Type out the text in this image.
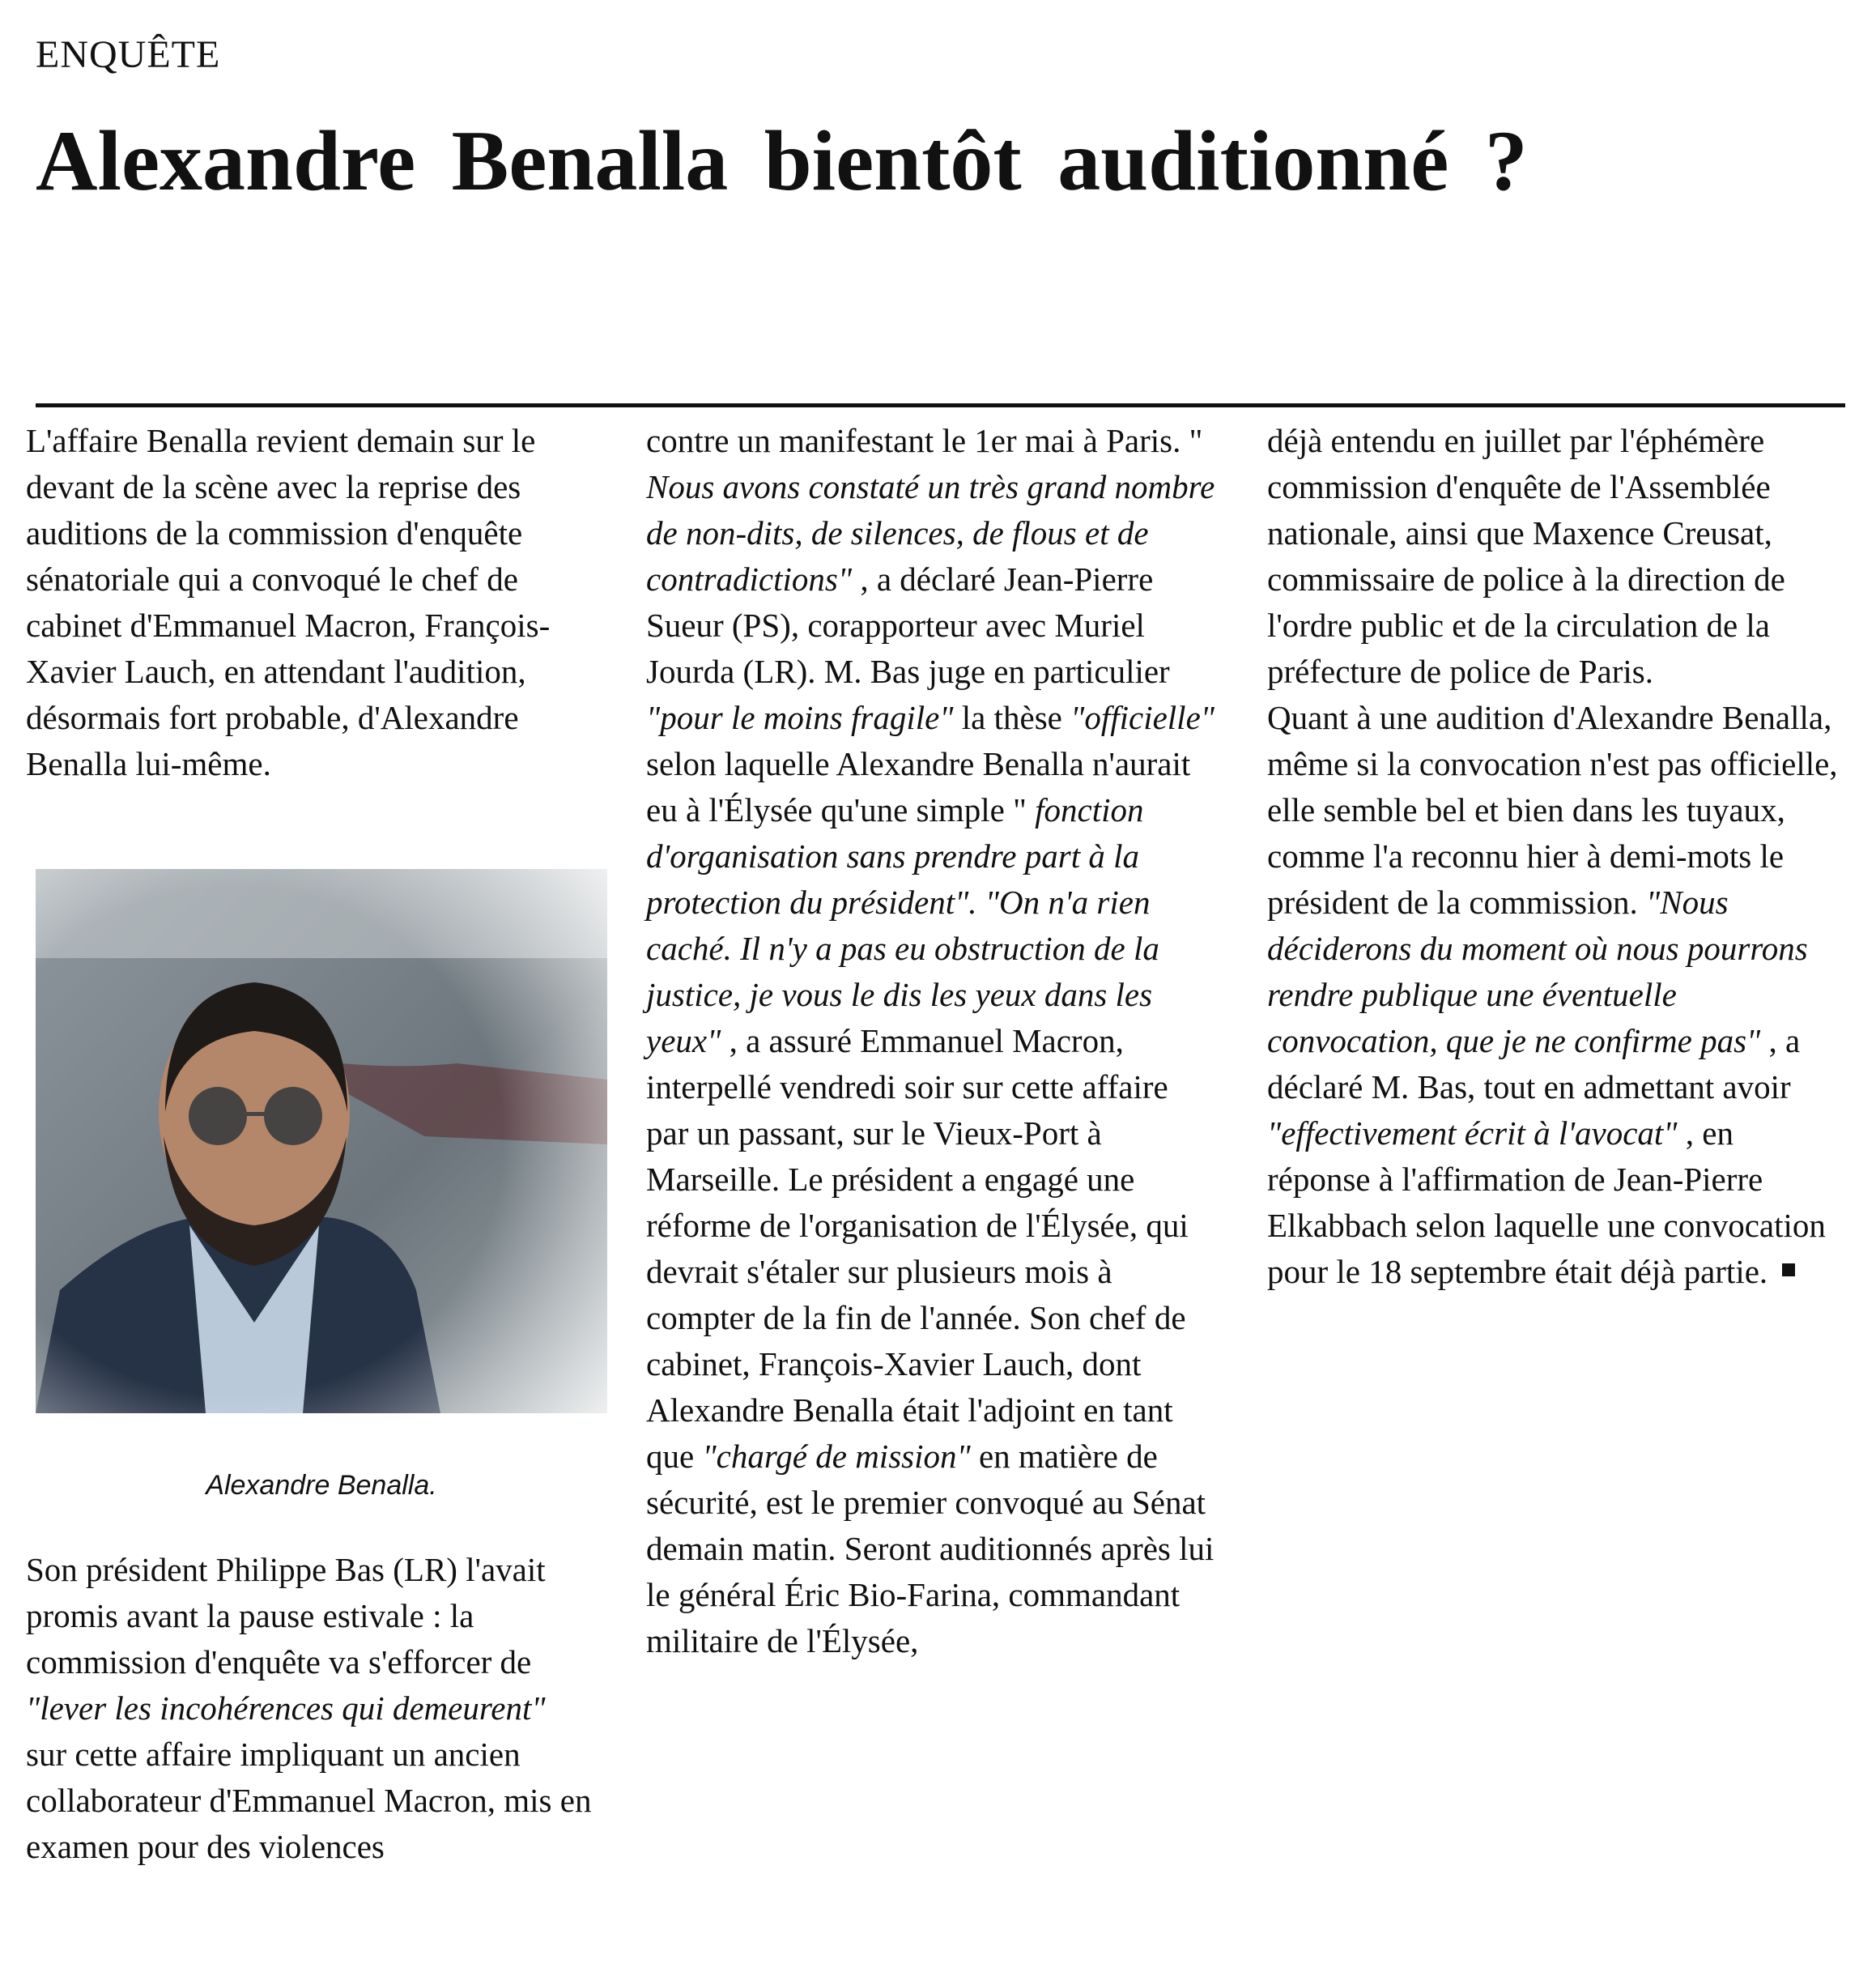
ENQUÊTE
Alexandre Benalla bientôt auditionné ?

L'affaire Benalla revient demain sur le devant de la scène avec la reprise des auditions de la commission d'enquête sénatoriale qui a convoqué le chef de cabinet d'Emmanuel Macron, François-Xavier Lauch, en attendant l'audition, désormais fort probable, d'Alexandre Benalla lui-même.

Alexandre Benalla.

Son président Philippe Bas (LR) l'avait promis avant la pause estivale : la commission d'enquête va s'efforcer de "lever les incohérences qui demeurent" sur cette affaire impliquant un ancien collaborateur d'Emmanuel Macron, mis en examen pour des violences

contre un manifestant le 1er mai à Paris. " Nous avons constaté un très grand nombre de non-dits, de silences, de flous et de contradictions" , a déclaré Jean-Pierre Sueur (PS), corapporteur avec Muriel Jourda (LR). M. Bas juge en particulier "pour le moins fragile" la thèse "officielle" selon laquelle Alexandre Benalla n'aurait eu à l'Élysée qu'une simple " fonction d'organisation sans prendre part à la protection du président". "On n'a rien caché. Il n'y a pas eu obstruction de la justice, je vous le dis les yeux dans les yeux" , a assuré Emmanuel Macron, interpellé vendredi soir sur cette affaire par un passant, sur le Vieux-Port à Marseille. Le président a engagé une réforme de l'organisation de l'Élysée, qui devrait s'étaler sur plusieurs mois à compter de la fin de l'année. Son chef de cabinet, François-Xavier Lauch, dont Alexandre Benalla était l'adjoint en tant que "chargé de mission" en matière de sécurité, est le premier convoqué au Sénat demain matin. Seront auditionnés après lui le général Éric Bio-Farina, commandant militaire de l'Élysée,

déjà entendu en juillet par l'éphémère commission d'enquête de l'Assemblée nationale, ainsi que Maxence Creusat, commissaire de police à la direction de l'ordre public et de la circulation de la préfecture de police de Paris.

Quant à une audition d'Alexandre Benalla, même si la convocation n'est pas officielle, elle semble bel et bien dans les tuyaux, comme l'a reconnu hier à demi-mots le président de la commission. "Nous déciderons du moment où nous pourrons rendre publique une éventuelle convocation, que je ne confirme pas" , a déclaré M. Bas, tout en admettant avoir "effectivement écrit à l'avocat" , en réponse à l'affirmation de Jean-Pierre Elkabbach selon laquelle une convocation pour le 18 septembre était déjà partie.
